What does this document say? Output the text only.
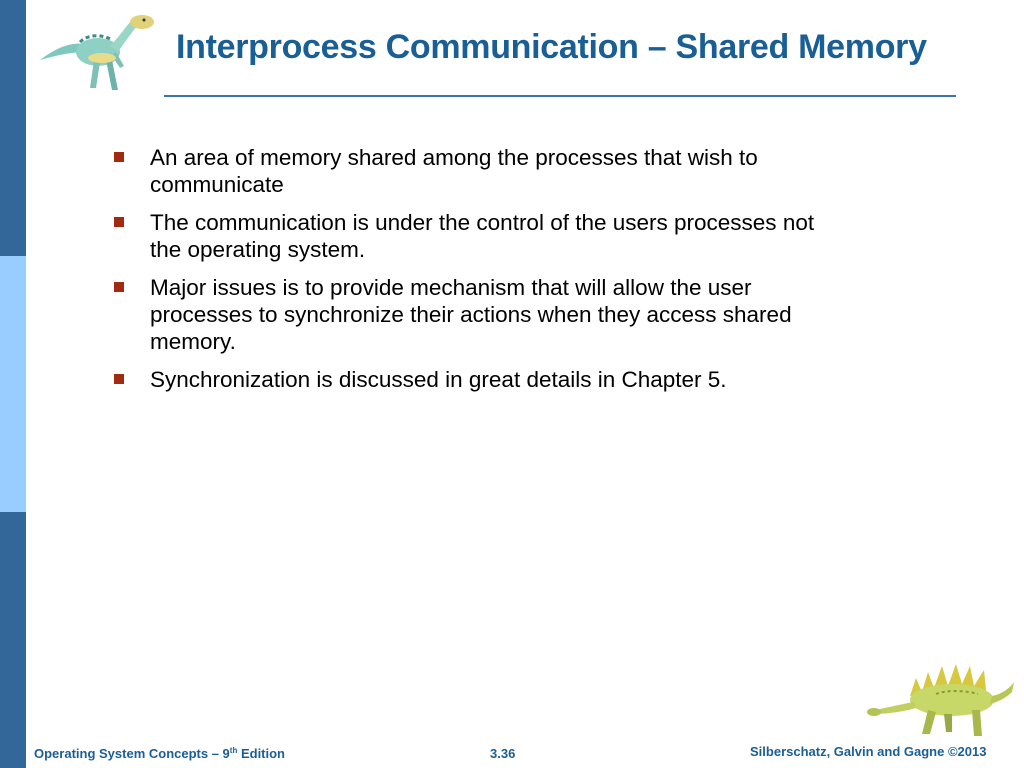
Interprocess Communication – Shared Memory
An area of memory shared among the processes that wish to communicate
The communication is under the control of the users processes not the operating system.
Major issues is to provide mechanism that will allow the user processes to synchronize their actions when they access shared memory.
Synchronization is discussed in great details in Chapter 5.
Operating System Concepts – 9th Edition	3.36	Silberschatz, Galvin and Gagne ©2013
